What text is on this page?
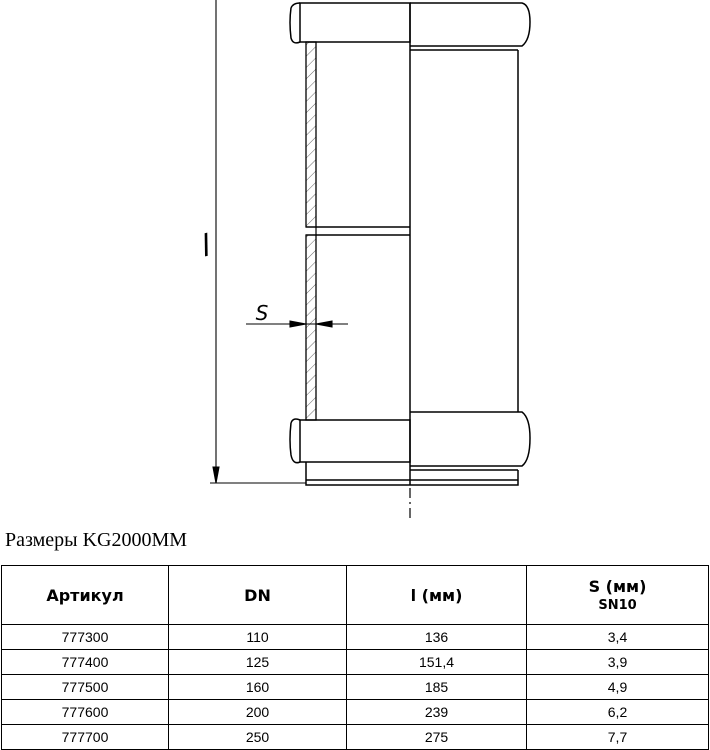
l
S
Размеры KG2000MM
Артикул	DN	l (мм)	S (мм)
SN10

777300	110	136	3,4
777400	125	151,4	3,9
777500	160	185	4,9
777600	200	239	6,2
777700	250	275	7,7
